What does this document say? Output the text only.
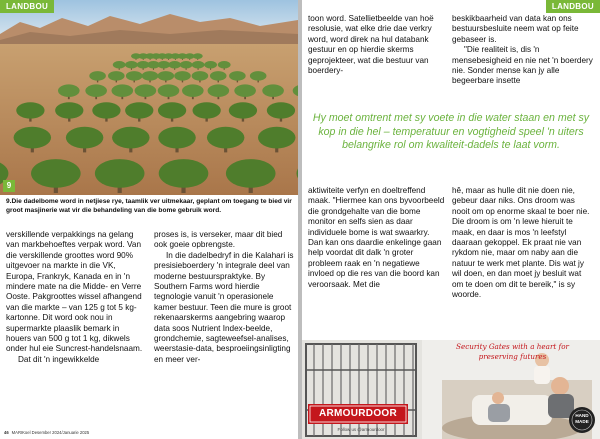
9
LANDBOU
9.Die dadelbome word in netjiese rye, taamlik ver uitmekaar, geplant om toegang te bied vir groot masjinerie wat vir die behandeling van die bome gebruik word.

verskillende verpakkings na gelang van markbehoeftes verpak word. Van die verskillende groottes word 90% uitgevoer na markte in die VK, Europa, Frankryk, Kanada en in 'n mindere mate na die Midde- en Verre Ooste. Pakgroottes wissel afhangend van die markte – van 125 g tot 5 kg-kartonne. Dit word ook nou in supermarkte plaaslik bemark in houers van 500 g tot 1 kg, dikwels onder hul eie Suncrest-handelsnaam.

Dat dit 'n ingewikkelde

proses is, is verseker, maar dit bied ook goeie opbrengste.

In die dadelbedryf in die Kalahari is presisieboerdery 'n integrale deel van moderne bestuurspraktyke. By Southern Farms word hierdie tegnologie vanuit 'n operasionele kamer bestuur. Teen die mure is groot rekenaarskerms aangebring waarop data soos Nutrient Index-beelde, grondchemie, sagteweefsel-analises, weerstasie-data, besproeiingsinligting en meer ver-

46 MARIKoel Desember 2024/Januarie 2025
LANDBOU

toon word. Satellietbeelde van hoë resolusie, wat elke drie dae verkry word, word direk na hul databank gestuur en op hierdie skerms geprojekteer, wat die bestuur van boerdery-

beskikbaarheid van data kan ons bestuursbesluite neem wat op feite gebaseer is.

"Die realiteit is, dis 'n mensebesigheid en nie net 'n boerdery nie. Sonder mense kan jy alle begeerbare insette

Hy moet omtrent met sy voete in die water staan en met sy kop in die hel – temperatuur en vogtigheid speel 'n uiters belangrike rol om kwaliteit-dadels te laat vorm.

aktiwiteite verfyn en doeltreffend maak. "Hiermee kan ons byvoorbeeld die grondgehalte van die bome monitor en selfs sien as daar individuele bome is wat swaarkry. Dan kan ons daardie enkelinge gaan help voordat dit dalk 'n groter probleem raak en 'n negatiewe invloed op die res van die boord kan veroorsaak. Met die

hê, maar as hulle dit nie doen nie, gebeur daar niks. Ons droom was nooit om op enorme skaal te boer nie. Die droom is om 'n lewe hieruit te maak, en daar is mos 'n leefstyl daaraan gekoppel. Ek praat nie van rykdom nie, maar om naby aan die natuur te werk met plante. Dis wat jy wil doen, en dan moet jy besluit wat om te doen om dit te bereik," is sy woorde.

Security Gates with a heart for
preserving futures
ARMOURDOOR
Follow us @armourdoor
HAND
MADE
